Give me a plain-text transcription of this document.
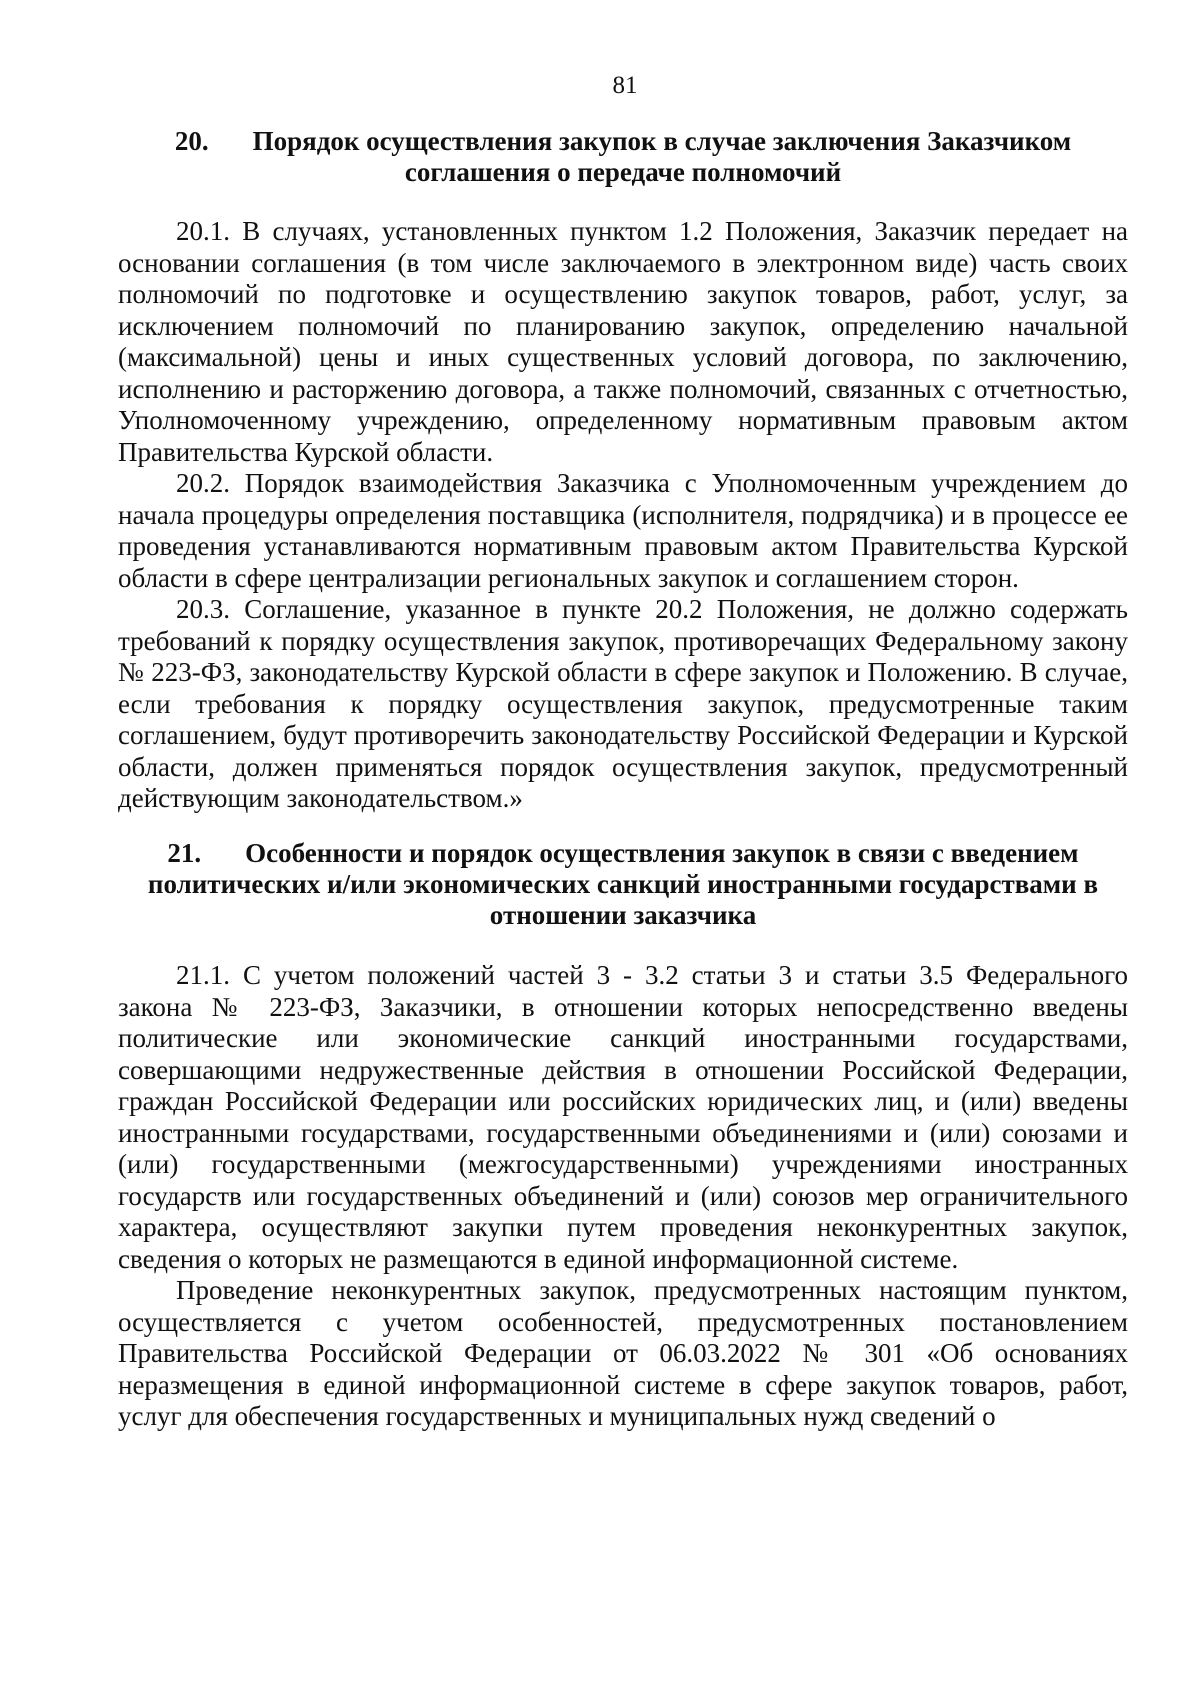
81
20. Порядок осуществления закупок в случае заключения Заказчиком соглашения о передаче полномочий

20.1. В случаях, установленных пунктом 1.2 Положения, Заказчик передает на основании соглашения (в том числе заключаемого в электронном виде) часть своих полномочий по подготовке и осуществлению закупок товаров, работ, услуг, за исключением полномочий по планированию закупок, определению начальной (максимальной) цены и иных существенных условий договора, по заключению, исполнению и расторжению договора, а также полномочий, связанных с отчетностью, Уполномоченному учреждению, определенному нормативным правовым актом Правительства Курской области.

20.2. Порядок взаимодействия Заказчика с Уполномоченным учреждением до начала процедуры определения поставщика (исполнителя, подрядчика) и в процессе ее проведения устанавливаются нормативным правовым актом Правительства Курской области в сфере централизации региональных закупок и соглашением сторон.

20.3. Соглашение, указанное в пункте 20.2 Положения, не должно содержать требований к порядку осуществления закупок, противоречащих Федеральному закону № 223-ФЗ, законодательству Курской области в сфере закупок и Положению. В случае, если требования к порядку осуществления закупок, предусмотренные таким соглашением, будут противоречить законодательству Российской Федерации и Курской области, должен применяться порядок осуществления закупок, предусмотренный действующим законодательством.»

21. Особенности и порядок осуществления закупок в связи с введением политических и/или экономических санкций иностранными государствами в отношении заказчика

21.1. С учетом положений частей 3 - 3.2 статьи 3 и статьи 3.5 Федерального закона № 223-ФЗ, Заказчики, в отношении которых непосредственно введены политические или экономические санкций иностранными государствами, совершающими недружественные действия в отношении Российской Федерации, граждан Российской Федерации или российских юридических лиц, и (или) введены иностранными государствами, государственными объединениями и (или) союзами и (или) государственными (межгосударственными) учреждениями иностранных государств или государственных объединений и (или) союзов мер ограничительного характера, осуществляют закупки путем проведения неконкурентных закупок, сведения о которых не размещаются в единой информационной системе.

Проведение неконкурентных закупок, предусмотренных настоящим пунктом, осуществляется с учетом особенностей, предусмотренных постановлением Правительства Российской Федерации от 06.03.2022 № 301 «Об основаниях неразмещения в единой информационной системе в сфере закупок товаров, работ, услуг для обеспечения государственных и муниципальных нужд сведений о
